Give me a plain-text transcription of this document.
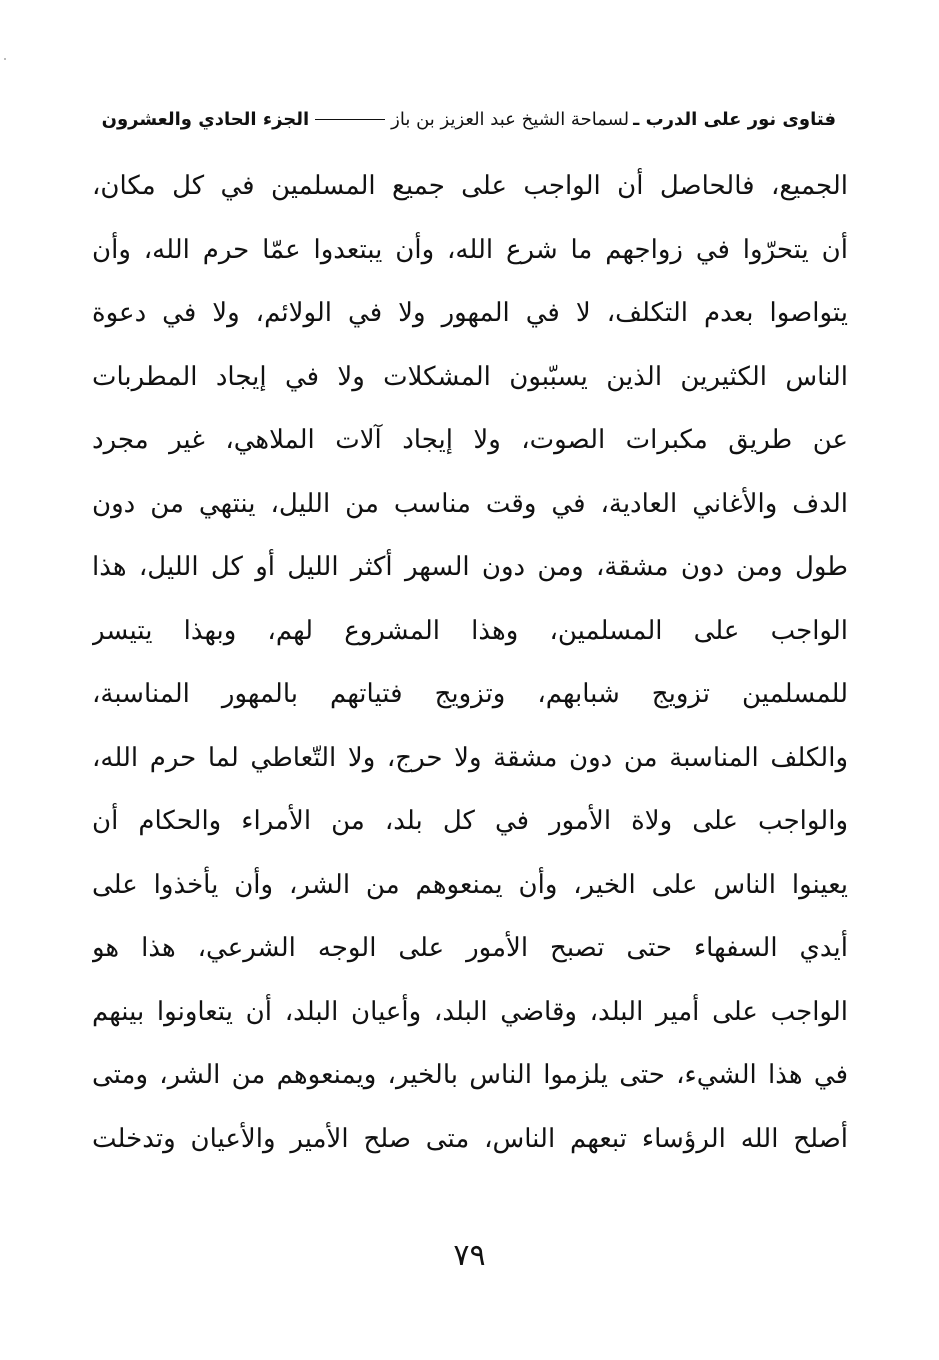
فتاوى نور على الدرب ـ
لسماحة الشيخ عبد العزيز بن باز
الجزء الحادي والعشرون
الجميع، فالحاصل أن الواجب على جميع المسلمين في كل مكان،
أن يتحرّوا في زواجهم ما شرع الله، وأن يبتعدوا عمّا حرم الله، وأن
يتواصوا بعدم التكلف، لا في المهور ولا في الولائم، ولا في دعوة
الناس الكثيرين الذين يسبّبون المشكلات ولا في إيجاد المطربات
عن طريق مكبرات الصوت، ولا إيجاد آلات الملاهي، غير مجرد
الدف والأغاني العادية، في وقت مناسب من الليل، ينتهي من دون
طول ومن دون مشقة، ومن دون السهر أكثر الليل أو كل الليل، هذا
الواجب على المسلمين، وهذا المشروع لهم، وبهذا يتيسر
للمسلمين تزويج شبابهم، وتزويج فتياتهم بالمهور المناسبة،
والكلف المناسبة من دون مشقة ولا حرج، ولا التّعاطي لما حرم الله،
والواجب على ولاة الأمور في كل بلد، من الأمراء والحكام أن
يعينوا الناس على الخير، وأن يمنعوهم من الشر، وأن يأخذوا على
أيدي السفهاء حتى تصبح الأمور على الوجه الشرعي، هذا هو
الواجب على أمير البلد، وقاضي البلد، وأعيان البلد، أن يتعاونوا بينهم
في هذا الشيء، حتى يلزموا الناس بالخير، ويمنعوهم من الشر، ومتى
أصلح الله الرؤساء تبعهم الناس، متى صلح الأمير والأعيان وتدخلت
٧٩
